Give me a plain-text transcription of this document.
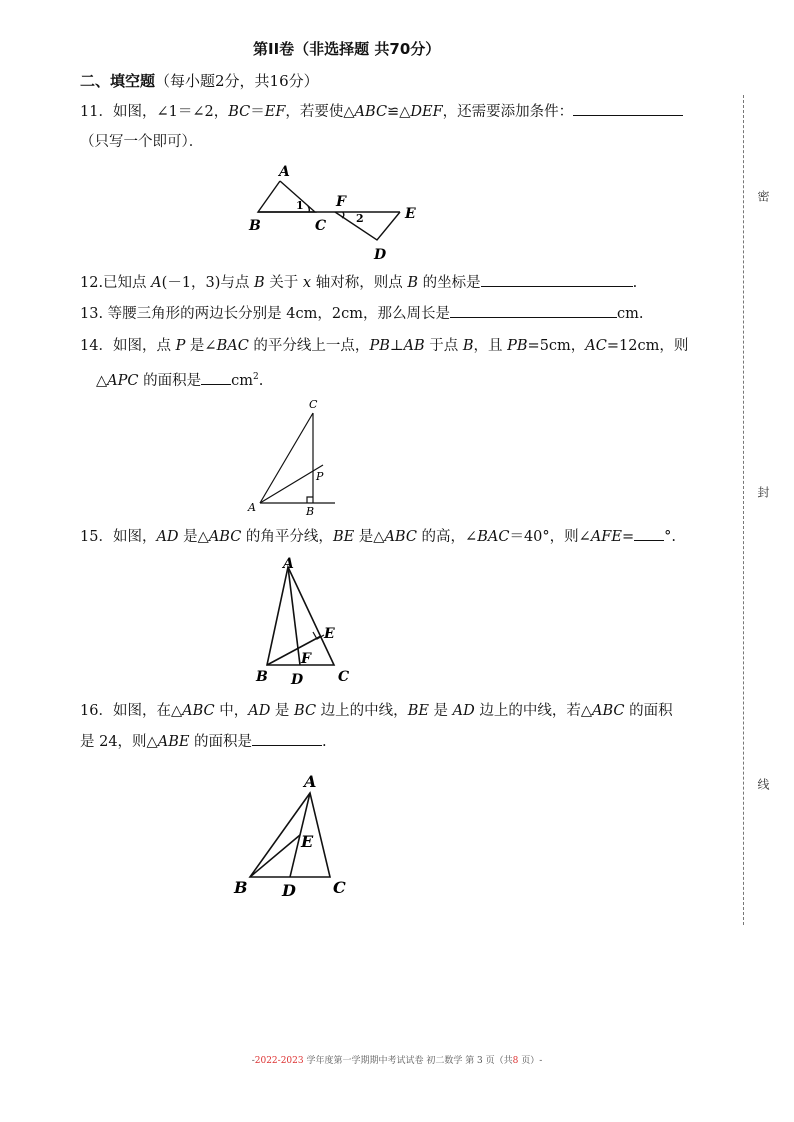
第II卷（非选择题 共70分）
二、填空题（每小题2分，共16分）
11．如图，∠1＝∠2，BC＝EF，若要使△ABC≌△DEF，还需要添加条件：
（只写一个即可）．
A
B	C
F
E
D
1
2
12.已知点 A(－1，3)与点 B 关于 x 轴对称，则点 B 的坐标是	.
13. 等腰三角形的两边长分别是 4cm，2cm，那么周长是	cm.
14．如图，点 P 是∠BAC 的平分线上一点，PB⊥AB 于点 B，且 PB=5cm，AC=12cm，则
△APC 的面积是 $cm^2$.
C
P
A	B
15．如图，AD 是△ABC 的角平分线，BE 是△ABC 的高，∠BAC＝40°，则∠AFE= °.
A
E
F
B D C
16．如图，在△ABC 中，AD 是 BC 边上的中线，BE 是 AD 边上的中线，若△ABC 的面积
是 24，则△ABE 的面积是	.
A
E
B D C
密
封
线
-2022-2023 学年度第一学期期中考试试卷 初二数学 第 3 页（共8 页）-
